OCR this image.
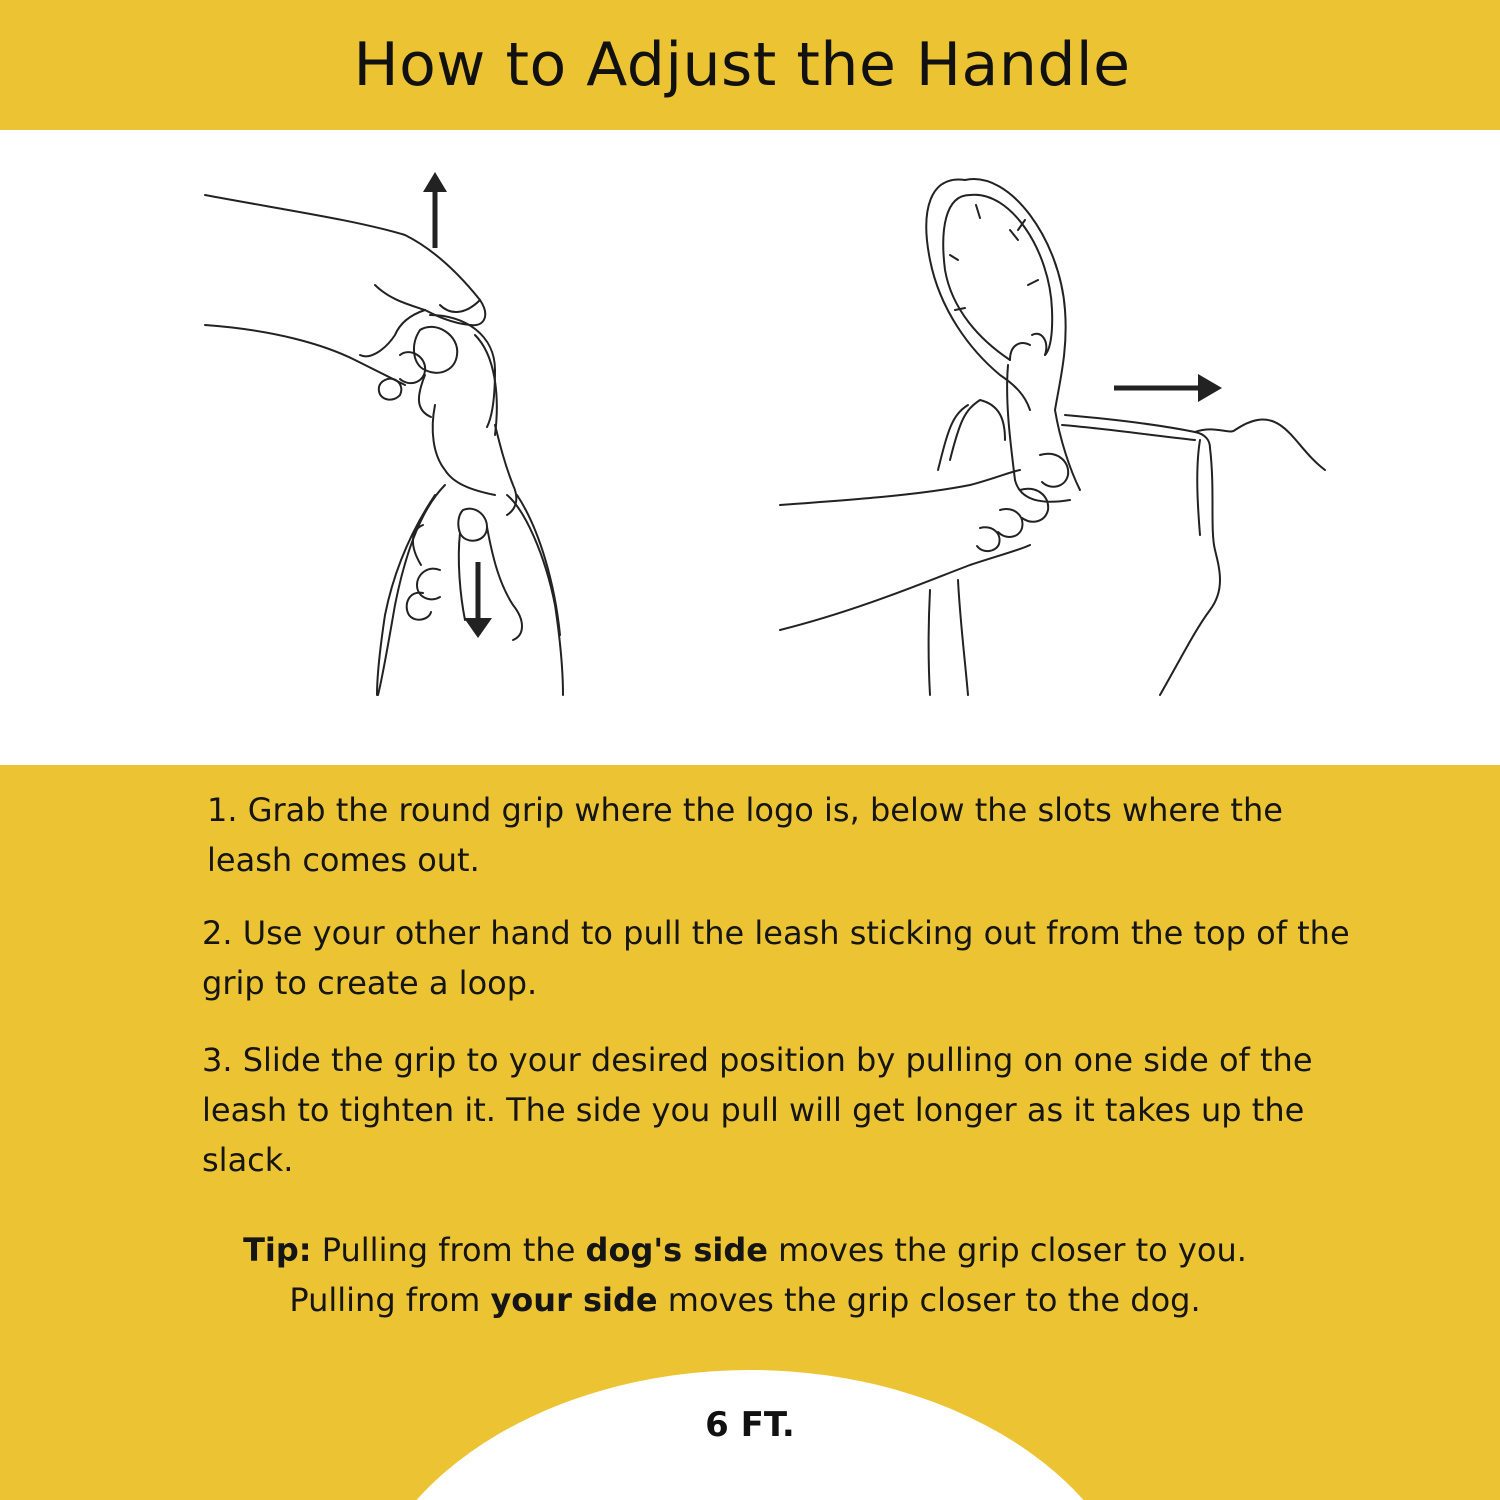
How to Adjust the Handle

1. Grab the round grip where the logo is, below the slots where the leash comes out.

2. Use your other hand to pull the leash sticking out from the top of the grip to create a loop.

3. Slide the grip to your desired position by pulling on one side of the leash to tighten it. The side you pull will get longer as it takes up the slack.

Tip: Pulling from the dog's side moves the grip closer to you.
Pulling from your side moves the grip closer to the dog.
6 FT.
